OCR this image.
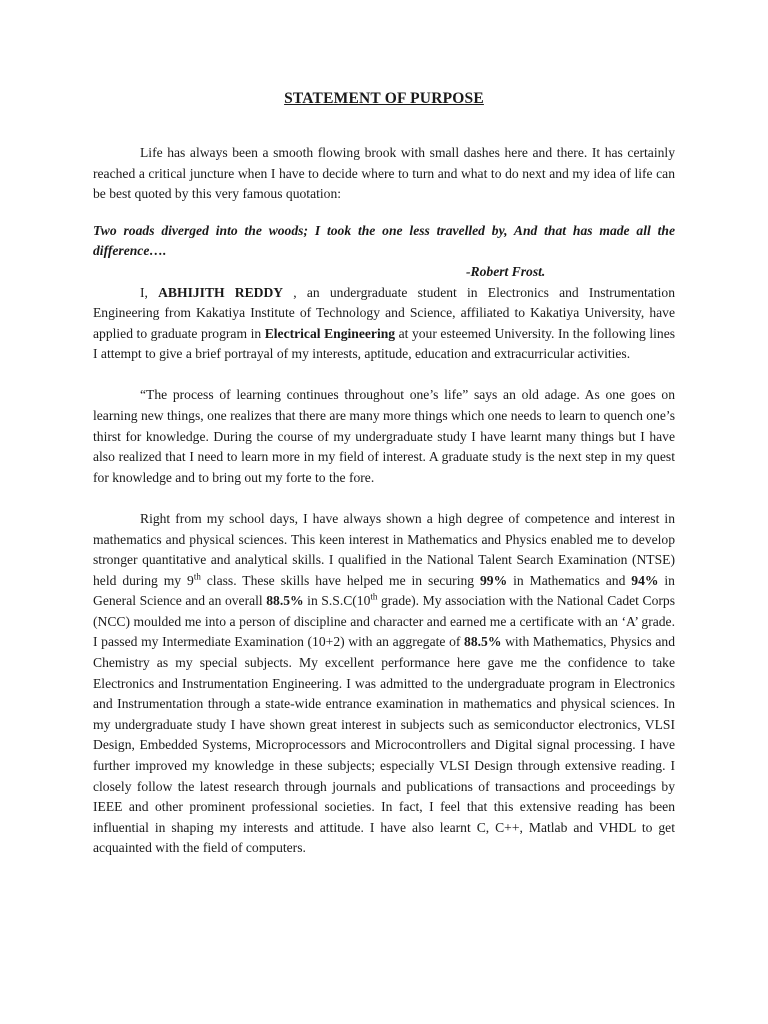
STATEMENT OF PURPOSE

Life has always been a smooth flowing brook with small dashes here and there. It has certainly reached a critical juncture when I have to decide where to turn and what to do next and my idea of life can be best quoted by this very famous quotation:

Two roads diverged into the woods; I took the one less travelled by, And that has made all the difference….

-Robert Frost.

I, ABHIJITH REDDY , an undergraduate student in Electronics and Instrumentation Engineering from Kakatiya Institute of Technology and Science, affiliated to Kakatiya University, have applied to graduate program in Electrical Engineering at your esteemed University. In the following lines I attempt to give a brief portrayal of my interests, aptitude, education and extracurricular activities.

“The process of learning continues throughout one’s life” says an old adage. As one goes on learning new things, one realizes that there are many more things which one needs to learn to quench one’s thirst for knowledge. During the course of my undergraduate study I have learnt many things but I have also realized that I need to learn more in my field of interest. A graduate study is the next step in my quest for knowledge and to bring out my forte to the fore.

Right from my school days, I have always shown a high degree of competence and interest in mathematics and physical sciences. This keen interest in Mathematics and Physics enabled me to develop stronger quantitative and analytical skills. I qualified in the National Talent Search Examination (NTSE) held during my 9th class. These skills have helped me in securing 99% in Mathematics and 94% in General Science and an overall 88.5% in S.S.C(10th grade). My association with the National Cadet Corps (NCC) moulded me into a person of discipline and character and earned me a certificate with an ‘A’ grade. I passed my Intermediate Examination (10+2) with an aggregate of 88.5% with Mathematics, Physics and Chemistry as my special subjects. My excellent performance here gave me the confidence to take Electronics and Instrumentation Engineering. I was admitted to the undergraduate program in Electronics and Instrumentation through a state-wide entrance examination in mathematics and physical sciences. In my undergraduate study I have shown great interest in subjects such as semiconductor electronics, VLSI Design, Embedded Systems, Microprocessors and Microcontrollers and Digital signal processing. I have further improved my knowledge in these subjects; especially VLSI Design through extensive reading. I closely follow the latest research through journals and publications of transactions and proceedings by IEEE and other prominent professional societies. In fact, I feel that this extensive reading has been influential in shaping my interests and attitude. I have also learnt C, C++, Matlab and VHDL to get acquainted with the field of computers.
